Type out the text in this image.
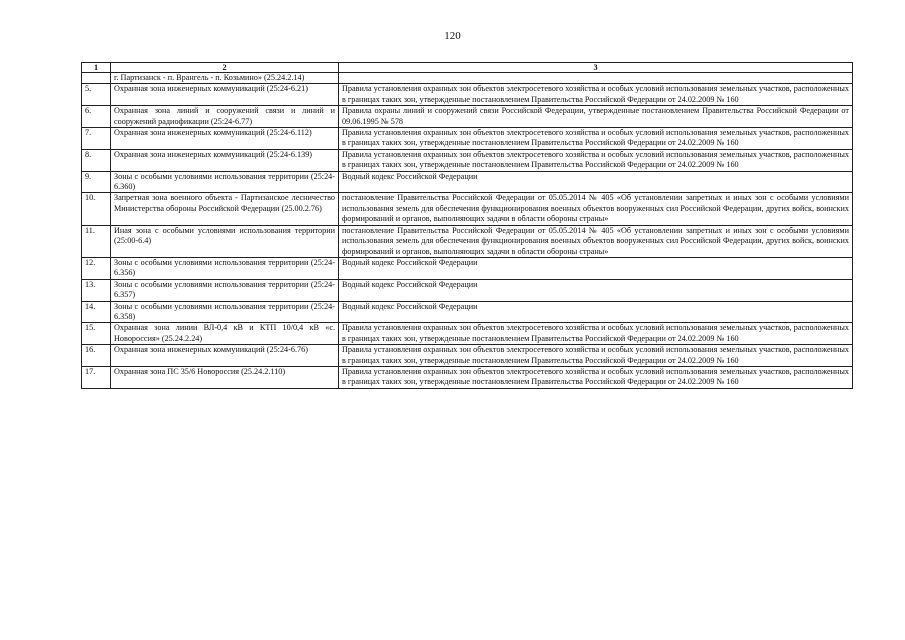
120
1	2	3
	г. Партизанск - п. Врангель - п. Козьмино» (25.24.2.14)	
5.	Охранная зона инженерных коммуникаций (25:24-6.21)	Правила установления охранных зон объектов электросетевого хозяйства и особых условий использования земельных участков, расположенных в границах таких зон, утвержденные постановлением Правительства Российской Федерации от 24.02.2009 № 160
6.	Охранная зона линий и сооружений связи и линий и сооружений радиофикации (25:24-6.77)	Правила охраны линий и сооружений связи Российской Федерации, утвержденные постановлением Правительства Российской Федерации от 09.06.1995 № 578
7.	Охранная зона инженерных коммуникаций (25:24-6.112)	Правила установления охранных зон объектов электросетевого хозяйства и особых условий использования земельных участков, расположенных в границах таких зон, утвержденные постановлением Правительства Российской Федерации от 24.02.2009 № 160
8.	Охранная зона инженерных коммуникаций (25:24-6.139)	Правила установления охранных зон объектов электросетевого хозяйства и особых условий использования земельных участков, расположенных в границах таких зон, утвержденные постановлением Правительства Российской Федерации от 24.02.2009 № 160
9.	Зоны с особыми условиями использования территории (25:24-6.360)	Водный кодекс Российской Федерации
10.	Запретная зона военного объекта - Партизанское лесничество Министерства обороны Российской Федерации (25.00.2.76)	постановление Правительства Российской Федерации от 05.05.2014 № 405 «Об установлении запретных и иных зон с особыми условиями использования земель для обеспечения функционирования военных объектов вооруженных сил Российской Федерации, других войск, воинских формирований и органов, выполняющих задачи в области обороны страны»
11.	Иная зона с особыми условиями использования территории (25:00-6.4)	постановление Правительства Российской Федерации от 05.05.2014 № 405 «Об установлении запретных и иных зон с особыми условиями использования земель для обеспечения функционирования военных объектов вооруженных сил Российской Федерации, других войск, воинских формирований и органов, выполняющих задачи в области обороны страны»
12.	Зоны с особыми условиями использования территории (25:24-6.356)	Водный кодекс Российской Федерации
13.	Зоны с особыми условиями использования территории (25:24-6.357)	Водный кодекс Российской Федерации
14.	Зоны с особыми условиями использования территории (25:24-6.358)	Водный кодекс Российской Федерации
15.	Охранная зона линии ВЛ-0,4 кВ и КТП 10/0,4 кВ «с. Новороссия» (25.24.2.24)	Правила установления охранных зон объектов электросетевого хозяйства и особых условий использования земельных участков, расположенных в границах таких зон, утвержденные постановлением Правительства Российской Федерации от 24.02.2009 № 160
16.	Охранная зона инженерных коммуникаций (25:24-6.76)	Правила установления охранных зон объектов электросетевого хозяйства и особых условий использования земельных участков, расположенных в границах таких зон, утвержденные постановлением Правительства Российской Федерации от 24.02.2009 № 160
17.	Охранная зона ПС 35/6 Новороссия (25.24.2.110)	Правила установления охранных зон объектов электросетевого хозяйства и особых условий использования земельных участков, расположенных в границах таких зон, утвержденные постановлением Правительства Российской Федерации от 24.02.2009 № 160
